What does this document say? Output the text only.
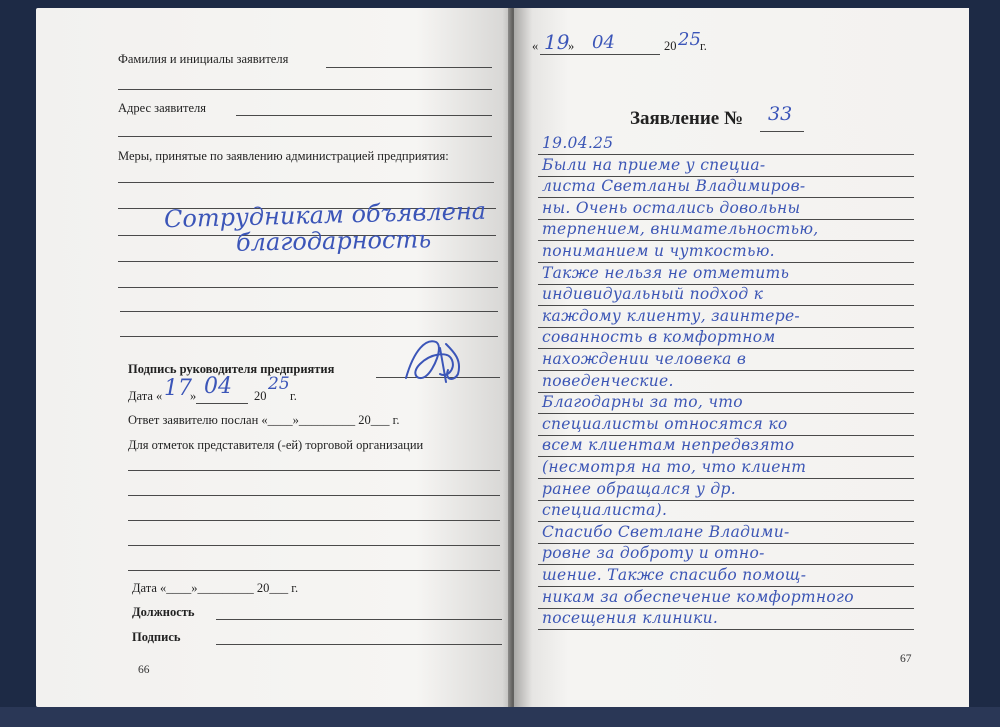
Фамилия и инициалы заявителя
Адрес заявителя
Меры, принятые по заявлению администрацией предприятия:
Сотрудникам объявлена
благодарность
Подпись руководителя предприятия
Дата « 17
» 04 20
25
г.
Ответ заявителю послан «____»_________ 20___ г.
Для отметок представителя (-ей) торговой организации
Дата «____»_________ 20___ г.
Должность
Подпись
66
« 19
» 04	20 25 г.
Заявление № 33
19.04.25
Были на приеме у специа-
листа Светланы Владимиров-
ны. Очень остались довольны
терпением, внимательностью,
пониманием и чуткостью.
Также нельзя не отметить
индивидуальный подход к
каждому клиенту, заинтере-
сованность в комфортном
нахождении человека в
поведенческие.
Благодарны за то, что
специалисты относятся ко
всем клиентам непредвзято
(несмотря на то, что клиент
ранее обращался у др.
специалиста).
Спасибо Светлане Владими-
ровне за доброту и отно-
шение. Также спасибо помощ-
никам за обеспечение комфортного
посещения клиники.
67
